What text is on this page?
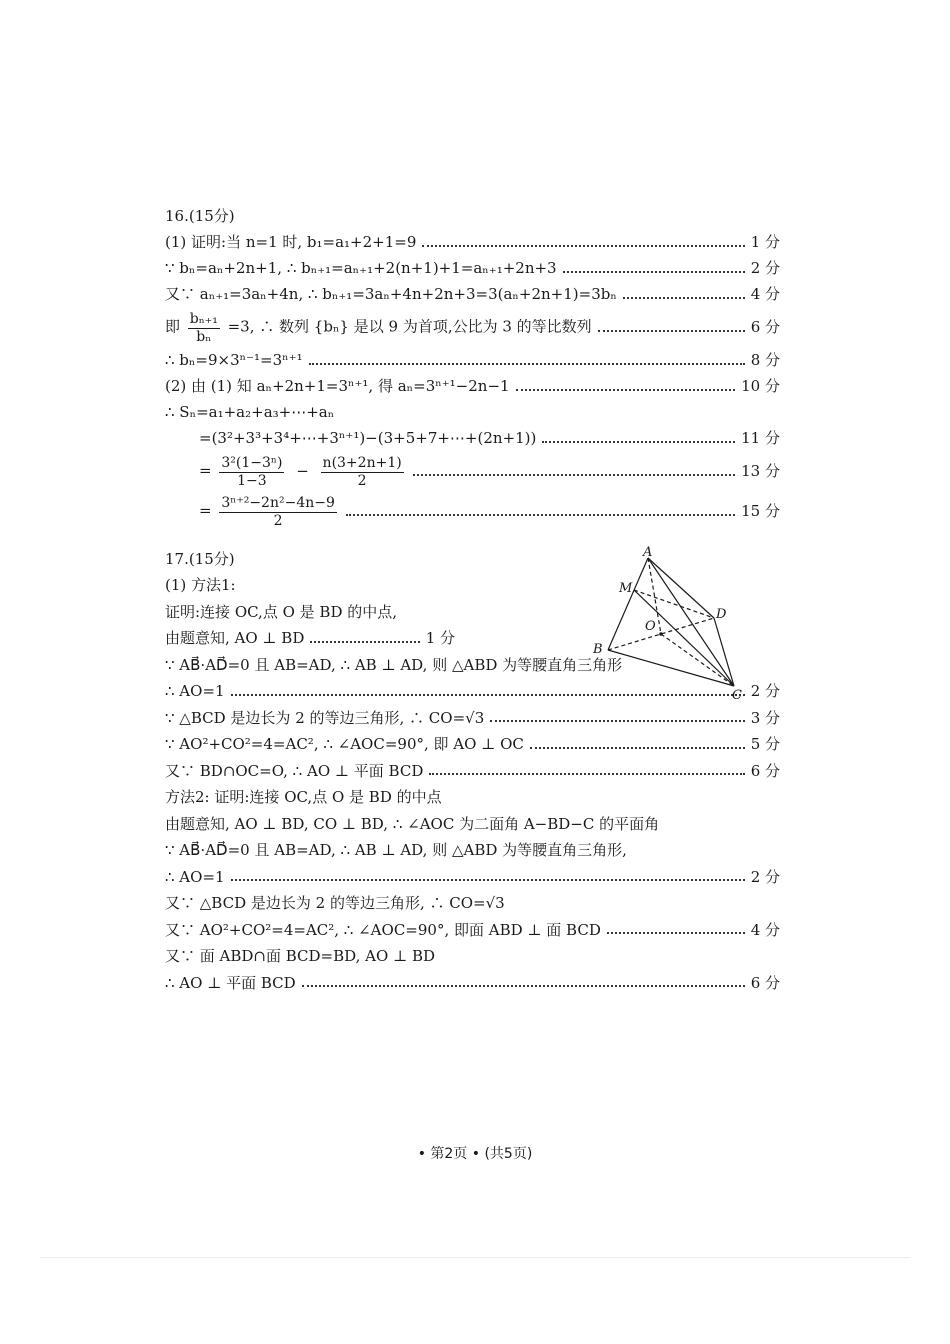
16.(15分)
(1) 证明:当 n=1 时, b₁=a₁+2+1=9	1 分
∵ bₙ=aₙ+2n+1, ∴ bₙ₊₁=aₙ₊₁+2(n+1)+1=aₙ₊₁+2n+3	2 分
又∵ aₙ₊₁=3aₙ+4n, ∴ bₙ₊₁=3aₙ+4n+2n+3=3(aₙ+2n+1)=3bₙ	4 分
即 $\frac{\text{bₙ₊₁}}{\text{bₙ}} =3$, ∴ 数列 {bₙ} 是以 9 为首项,公比为 3 的等比数列	6 分
∴ bₙ=9×3ⁿ⁻¹=3ⁿ⁺¹	8 分
(2) 由 (1) 知 aₙ+2n+1=3ⁿ⁺¹, 得 aₙ=3ⁿ⁺¹−2n−1	10 分
∴ Sₙ=a₁+a₂+a₃+⋯+aₙ
=(3²+3³+3⁴+⋯+3ⁿ⁺¹)−(3+5+7+⋯+(2n+1))	11 分
= $\frac{\text{3²(1−3ⁿ)}}{1-3} - \frac{n(3+2n+1)}{2}$	13 分
= $\frac{\text{3ⁿ⁺²−2n²−4n−9}}{2}$	15 分
17.(15分)
(1) 方法1:
证明:连接 OC,点 O 是 BD 的中点,
由题意知, AO ⊥ BD	1 分
∵ AB⃗·AD⃗=0 且 AB=AD, ∴ AB ⊥ AD, 则 △ABD 为等腰直角三角形
∴ AO=1	2 分
∵ △BCD 是边长为 2 的等边三角形, ∴ CO=√3	3 分
∵ AO²+CO²=4=AC², ∴ ∠AOC=90°, 即 AO ⊥ OC	5 分
又∵ BD∩OC=O, ∴ AO ⊥ 平面 BCD	6 分
方法2: 证明:连接 OC,点 O 是 BD 的中点
由题意知, AO ⊥ BD, CO ⊥ BD, ∴ ∠AOC 为二面角 A−BD−C 的平面角
∵ AB⃗·AD⃗=0 且 AB=AD, ∴ AB ⊥ AD, 则 △ABD 为等腰直角三角形,
∴ AO=1	2 分
又∵ △BCD 是边长为 2 的等边三角形, ∴ CO=√3
又∵ AO²+CO²=4=AC², ∴ ∠AOC=90°, 即面 ABD ⊥ 面 BCD	4 分
又∵ 面 ABD∩面 BCD=BD, AO ⊥ BD
∴ AO ⊥ 平面 BCD	6 分
A
M
D
O
B
C
• 第2页 • (共5页)
